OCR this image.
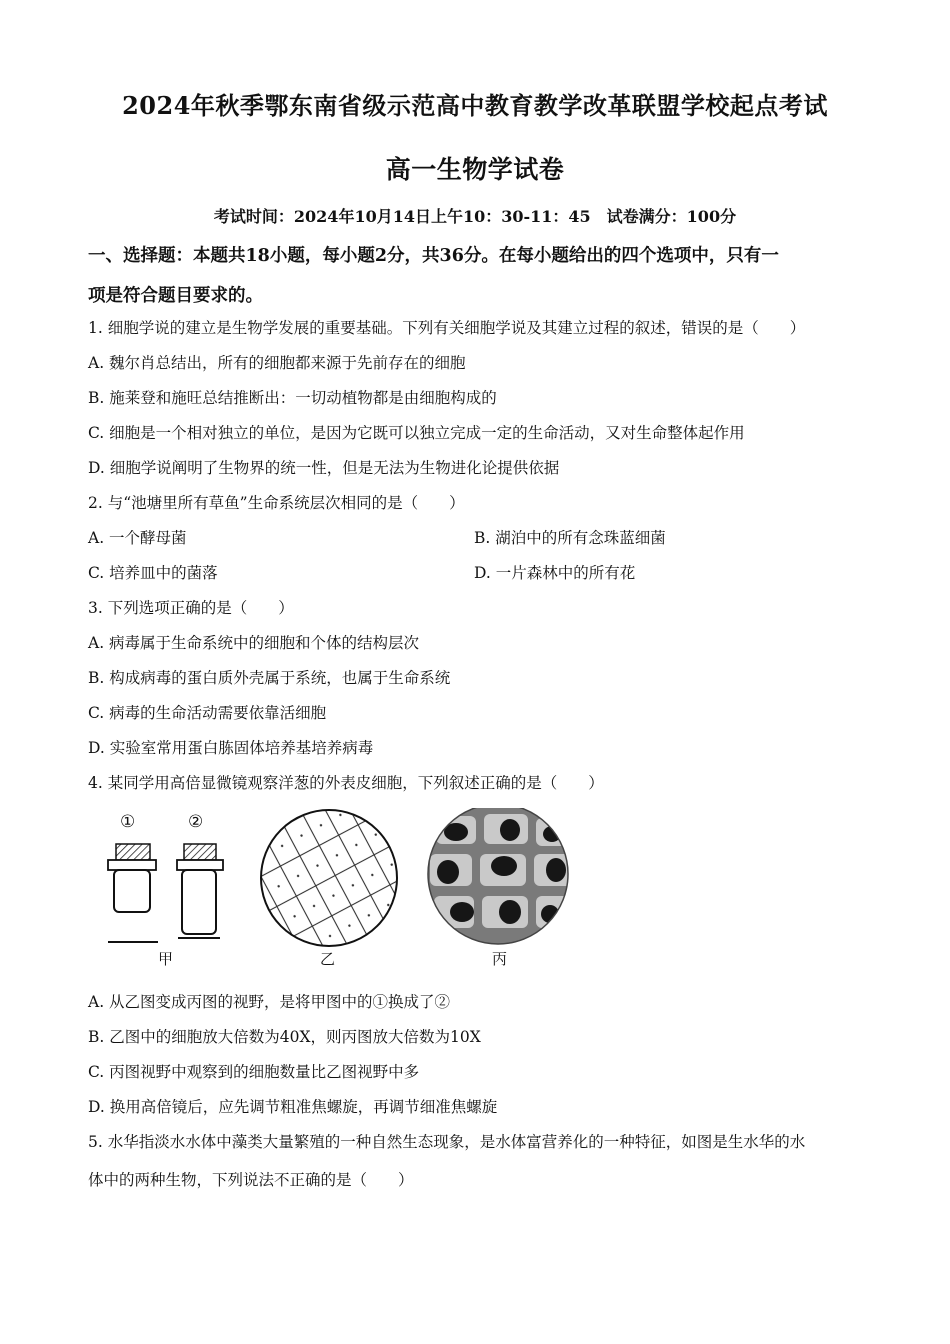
2024年秋季鄂东南省级示范高中教育教学改革联盟学校起点考试
高一生物学试卷
考试时间：2024年10月14日上午10：30-11：45　试卷满分：100分
一、选择题：本题共18小题，每小题2分，共36分。在每小题给出的四个选项中，只有一
项是符合题目要求的。
1. 细胞学说的建立是生物学发展的重要基础。下列有关细胞学说及其建立过程的叙述，错误的是（　　）
A. 魏尔肖总结出，所有的细胞都来源于先前存在的细胞
B. 施莱登和施旺总结推断出：一切动植物都是由细胞构成的
C. 细胞是一个相对独立的单位，是因为它既可以独立完成一定的生命活动，又对生命整体起作用
D. 细胞学说阐明了生物界的统一性，但是无法为生物进化论提供依据
2. 与“池塘里所有草鱼”生命系统层次相同的是（　　）
A. 一个酵母菌	B. 湖泊中的所有念珠蓝细菌
C. 培养皿中的菌落	D. 一片森林中的所有花
3. 下列选项正确的是（　　）
A. 病毒属于生命系统中的细胞和个体的结构层次
B. 构成病毒的蛋白质外壳属于系统，也属于生命系统
C. 病毒的生命活动需要依靠活细胞
D. 实验室常用蛋白胨固体培养基培养病毒
4. 某同学用高倍显微镜观察洋葱的外表皮细胞，下列叙述正确的是（　　）
①	②
甲	乙	丙
A. 从乙图变成丙图的视野，是将甲图中的①换成了②
B. 乙图中的细胞放大倍数为40X，则丙图放大倍数为10X
C. 丙图视野中观察到的细胞数量比乙图视野中多
D. 换用高倍镜后，应先调节粗准焦螺旋，再调节细准焦螺旋
5. 水华指淡水水体中藻类大量繁殖的一种自然生态现象，是水体富营养化的一种特征，如图是生水华的水
体中的两种生物，下列说法不正确的是（　　）
